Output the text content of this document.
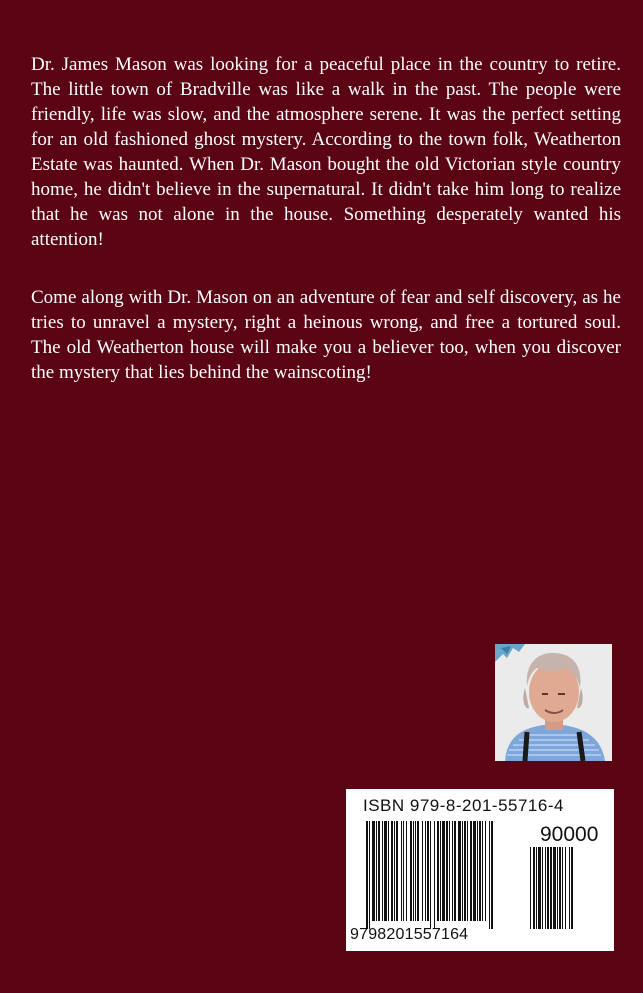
Dr. James Mason was looking for a peaceful place in the country to retire. The little town of Bradville was like a walk in the past. The people were friendly, life was slow, and the atmosphere serene. It was the perfect setting for an old fashioned ghost mystery. According to the town folk, Weatherton Estate was haunted. When Dr. Mason bought the old Victorian style country home, he didn't believe in the supernatural. It didn't take him long to realize that he was not alone in the house. Something desperately wanted his attention!

Come along with Dr. Mason on an adventure of fear and self discovery, as he tries to unravel a mystery, right a heinous wrong, and free a tortured soul. The old Weatherton house will make you a believer too, when you discover the mystery that lies behind the wainscoting!

ISBN 979-8-201-55716-4
90000
9798201557164
